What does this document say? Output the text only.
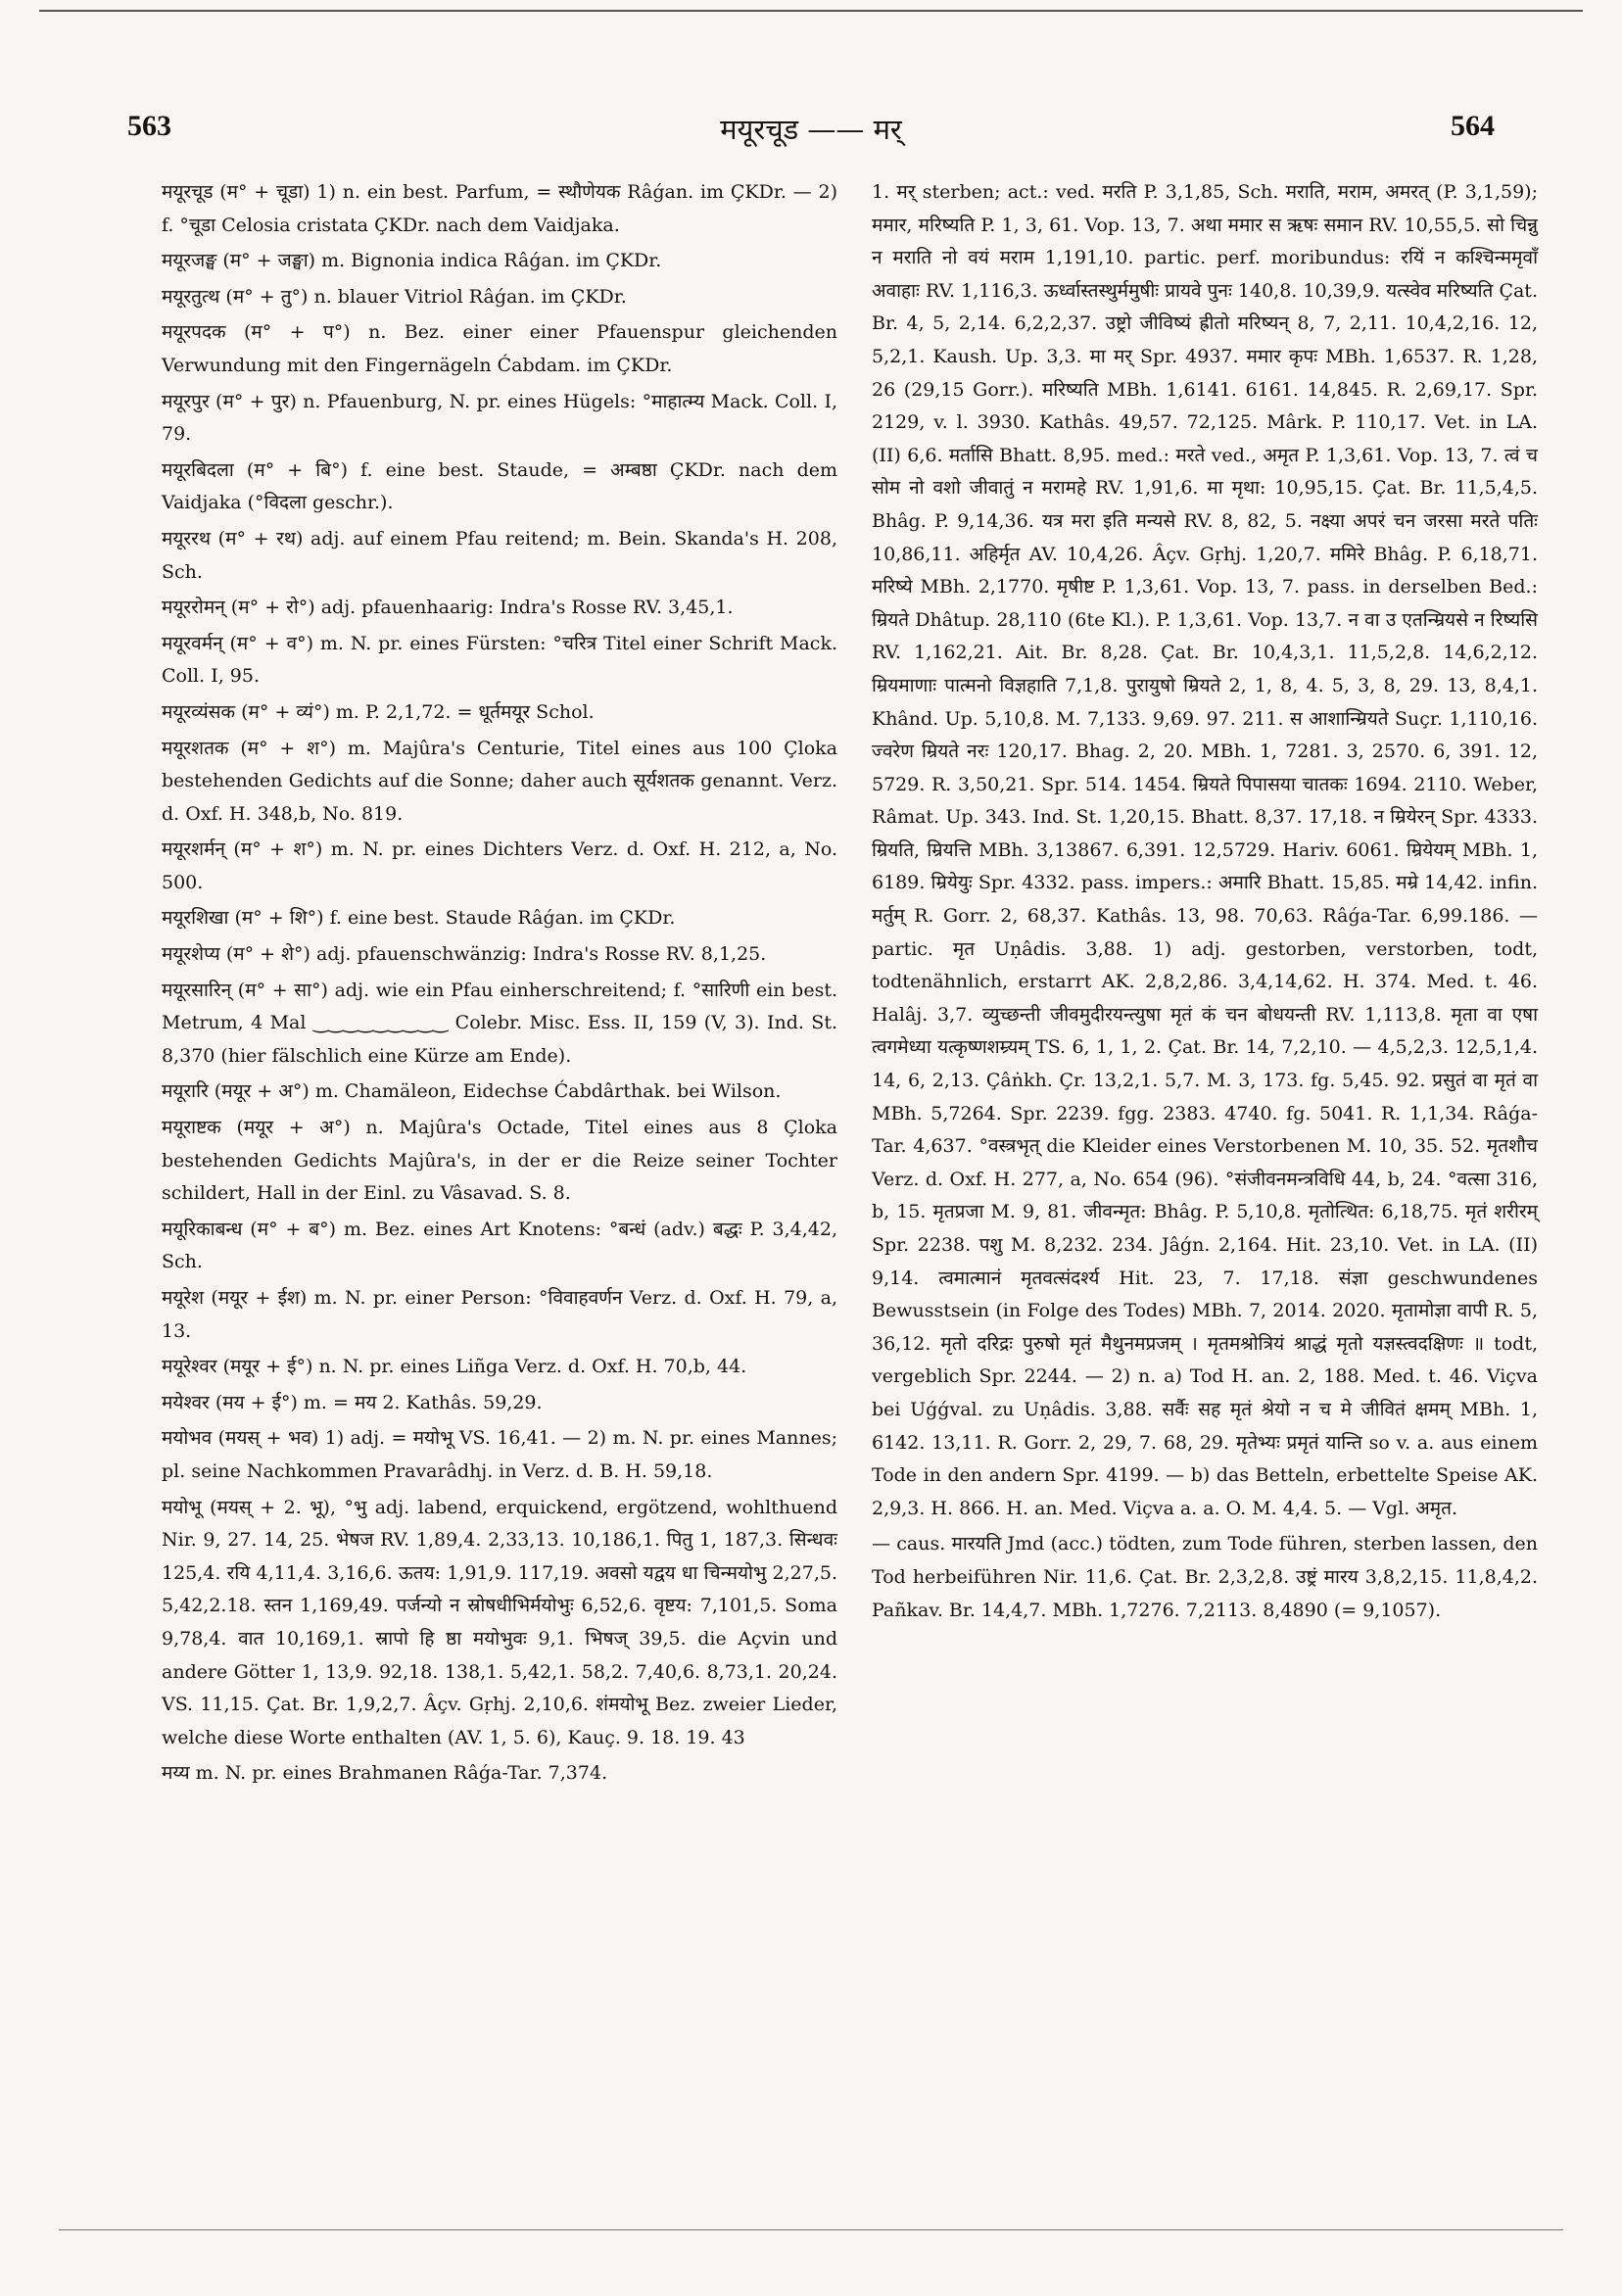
563	मयूरचूड —— मर्	564

मयूरचूड (म° + चूडा) 1) n. ein best. Parfum, = स्थौणेयक Râǵan. im ÇKDr. — 2) f. °चूडा Celosia cristata ÇKDr. nach dem Vaidjaka.

मयूरजङ्घ (म° + जङ्घा) m. Bignonia indica Râǵan. im ÇKDr.

मयूरतुत्थ (म° + तु°) n. blauer Vitriol Râǵan. im ÇKDr.

मयूरपदक (म° + प°) n. Bez. einer einer Pfauenspur gleichenden Verwundung mit den Fingernägeln Ćabdam. im ÇKDr.

मयूरपुर (म° + पुर) n. Pfauenburg, N. pr. eines Hügels: °माहात्म्य Mack. Coll. I, 79.

मयूरबिदला (म° + बि°) f. eine best. Staude, = अम्बष्ठा ÇKDr. nach dem Vaidjaka (°विदला geschr.).

मयूररथ (म° + रथ) adj. auf einem Pfau reitend; m. Bein. Skanda's H. 208, Sch.

मयूररोमन् (म° + रो°) adj. pfauenhaarig: Indra's Rosse RV. 3,45,1.

मयूरवर्मन् (म° + व°) m. N. pr. eines Fürsten: °चरित्र Titel einer Schrift Mack. Coll. I, 95.

मयूरव्यंसक (म° + व्यं°) m. P. 2,1,72. = धूर्तमयूर Schol.

मयूरशतक (म° + श°) m. Majûra's Centurie, Titel eines aus 100 Çloka bestehenden Gedichts auf die Sonne; daher auch सूर्यशतक genannt. Verz. d. Oxf. H. 348,b, No. 819.

मयूरशर्मन् (म° + श°) m. N. pr. eines Dichters Verz. d. Oxf. H. 212, a, No. 500.

मयूरशिखा (म° + शि°) f. eine best. Staude Râǵan. im ÇKDr.

मयूरशेप्य (म° + शे°) adj. pfauenschwänzig: Indra's Rosse RV. 8,1,25.

मयूरसारिन् (म° + सा°) adj. wie ein Pfau einherschreitend; f. °सारिणी ein best. Metrum, 4 Mal ‿‿‿‿‿‿‿‿‿ Colebr. Misc. Ess. II, 159 (V, 3). Ind. St. 8,370 (hier fälschlich eine Kürze am Ende).

मयूरारि (मयूर + अ°) m. Chamäleon, Eidechse Ćabdârthak. bei Wilson.

मयूराष्टक (मयूर + अ°) n. Majûra's Octade, Titel eines aus 8 Çloka bestehenden Gedichts Majûra's, in der er die Reize seiner Tochter schildert, Hall in der Einl. zu Vâsavad. S. 8.

मयूरिकाबन्ध (म° + ब°) m. Bez. eines Art Knotens: °बन्धं (adv.) बद्धः P. 3,4,42, Sch.

मयूरेश (मयूर + ईश) m. N. pr. einer Person: °विवाहवर्णन Verz. d. Oxf. H. 79, a, 13.

मयूरेश्वर (मयूर + ई°) n. N. pr. eines Liñga Verz. d. Oxf. H. 70,b, 44.

मयेश्वर (मय + ई°) m. = मय 2. Kathâs. 59,29.

मयोभव (मयस् + भव) 1) adj. = मयोभू VS. 16,41. — 2) m. N. pr. eines Mannes; pl. seine Nachkommen Pravarâdhj. in Verz. d. B. H. 59,18.

मयोभू (मयस् + 2. भू), °भु adj. labend, erquickend, ergötzend, wohlthuend Nir. 9, 27. 14, 25. भेषज RV. 1,89,4. 2,33,13. 10,186,1. पितु 1, 187,3. सिन्धवः 125,4. रयि 4,11,4. 3,16,6. ऊतय: 1,91,9. 117,19. अवसो यद्वय धा चिन्मयोभु 2,27,5. 5,42,2.18. स्तन 1,169,49. पर्जन्यो न स्रोषधीभिर्मयोभुः 6,52,6. वृष्टय: 7,101,5. Soma 9,78,4. वात 10,169,1. स्रापो हि ष्ठा मयोभुवः 9,1. भिषज् 39,5. die Açvin und andere Götter 1, 13,9. 92,18. 138,1. 5,42,1. 58,2. 7,40,6. 8,73,1. 20,24. VS. 11,15. Çat. Br. 1,9,2,7. Âçv. Gṛhj. 2,10,6. शंमयोभू Bez. zweier Lieder, welche diese Worte enthalten (AV. 1, 5. 6), Kauç. 9. 18. 19. 43

मय्य m. N. pr. eines Brahmanen Râǵa-Tar. 7,374.

1. मर् sterben; act.: ved. मरति P. 3,1,85, Sch. मराति, मराम, अमरत् (P. 3,1,59); ममार, मरिष्यति P. 1, 3, 61. Vop. 13, 7. अथा ममार स ऋषः समान RV. 10,55,5. सो चिन्नु न मराति नो वयं मराम 1,191,10. partic. perf. moribundus: रयिं न कश्चिन्ममृवाँ अवाहाः RV. 1,116,3. ऊर्ध्वास्तस्थुर्ममुषीः प्रायवे पुनः 140,8. 10,39,9. यत्स्वेव मरिष्यति Çat. Br. 4, 5, 2,14. 6,2,2,37. उष्ट्रो जीविष्यं ह्रीतो मरिष्यन् 8, 7, 2,11. 10,4,2,16. 12, 5,2,1. Kaush. Up. 3,3. मा मर् Spr. 4937. ममार कृपः MBh. 1,6537. R. 1,28, 26 (29,15 Gorr.). मरिष्यति MBh. 1,6141. 6161. 14,845. R. 2,69,17. Spr. 2129, v. l. 3930. Kathâs. 49,57. 72,125. Mârk. P. 110,17. Vet. in LA. (II) 6,6. मर्तासि Bhatt. 8,95. med.: मरते ved., अमृत P. 1,3,61. Vop. 13, 7. त्वं च सोम नो वशो जीवातुं न मरामहे RV. 1,91,6. मा मृथा: 10,95,15. Çat. Br. 11,5,4,5. Bhâg. P. 9,14,36. यत्र मरा इति मन्यसे RV. 8, 82, 5. नक्ष्या अपरं चन जरसा मरते पतिः 10,86,11. अहिर्मृत AV. 10,4,26. Âçv. Gṛhj. 1,20,7. ममिरे Bhâg. P. 6,18,71. मरिष्ये MBh. 2,1770. मृषीष्ट P. 1,3,61. Vop. 13, 7. pass. in derselben Bed.: म्रियते Dhâtup. 28,110 (6te Kl.). P. 1,3,61. Vop. 13,7. न वा उ एतन्म्रियसे न रिष्यसि RV. 1,162,21. Ait. Br. 8,28. Çat. Br. 10,4,3,1. 11,5,2,8. 14,6,2,12. म्रियमाणाः पात्मनो विज्ञहाति 7,1,8. पुरायुषो म्रियते 2, 1, 8, 4. 5, 3, 8, 29. 13, 8,4,1. Khând. Up. 5,10,8. M. 7,133. 9,69. 97. 211. स आशान्म्रियते Suçr. 1,110,16. ज्वरेण म्रियते नरः 120,17. Bhag. 2, 20. MBh. 1, 7281. 3, 2570. 6, 391. 12, 5729. R. 3,50,21. Spr. 514. 1454. म्रियते पिपासया चातकः 1694. 2110. Weber, Râmat. Up. 343. Ind. St. 1,20,15. Bhatt. 8,37. 17,18. न म्रियेरन् Spr. 4333. म्रियति, म्रियत्ति MBh. 3,13867. 6,391. 12,5729. Hariv. 6061. म्रियेयम् MBh. 1, 6189. म्रियेयुः Spr. 4332. pass. impers.: अमारि Bhatt. 15,85. मम्रे 14,42. infin. मर्तुम् R. Gorr. 2, 68,37. Kathâs. 13, 98. 70,63. Râǵa-Tar. 6,99.186. — partic. मृत Uṇâdis. 3,88. 1) adj. gestorben, verstorben, todt, todtenähnlich, erstarrt AK. 2,8,2,86. 3,4,14,62. H. 374. Med. t. 46. Halâj. 3,7. व्युच्छन्ती जीवमुदीरयन्त्युषा मृतं कं चन बोधयन्ती RV. 1,113,8. मृता वा एषा त्वगमेध्या यत्कृष्णशम्र्यम् TS. 6, 1, 1, 2. Çat. Br. 14, 7,2,10. — 4,5,2,3. 12,5,1,4. 14, 6, 2,13. Çâṅkh. Çr. 13,2,1. 5,7. M. 3, 173. fg. 5,45. 92. प्रसुतं वा मृतं वा MBh. 5,7264. Spr. 2239. fgg. 2383. 4740. fg. 5041. R. 1,1,34. Râǵa-Tar. 4,637. °वस्त्रभृत् die Kleider eines Verstorbenen M. 10, 35. 52. मृतशौच Verz. d. Oxf. H. 277, a, No. 654 (96). °संजीवनमन्त्रविधि 44, b, 24. °वत्सा 316, b, 15. मृतप्रजा M. 9, 81. जीवन्मृत: Bhâg. P. 5,10,8. मृतोत्थित: 6,18,75. मृतं शरीरम् Spr. 2238. पशु M. 8,232. 234. Jâǵn. 2,164. Hit. 23,10. Vet. in LA. (II) 9,14. त्वमात्मानं मृतवत्संदर्श्य Hit. 23, 7. 17,18. संज्ञा geschwundenes Bewusstsein (in Folge des Todes) MBh. 7, 2014. 2020. मृतामोज्ञा वापी R. 5, 36,12. मृतो दरिद्रः पुरुषो मृतं मैथुनमप्रजम् । मृतमश्रोत्रियं श्राद्धं मृतो यज्ञस्त्वदक्षिणः ॥ todt, vergeblich Spr. 2244. — 2) n. a) Tod H. an. 2, 188. Med. t. 46. Viçva bei Uǵǵval. zu Uṇâdis. 3,88. सर्वैः सह मृतं श्रेयो न च मे जीवितं क्षमम् MBh. 1, 6142. 13,11. R. Gorr. 2, 29, 7. 68, 29. मृतेभ्यः प्रमृतं यान्ति so v. a. aus einem Tode in den andern Spr. 4199. — b) das Betteln, erbettelte Speise AK. 2,9,3. H. 866. H. an. Med. Viçva a. a. O. M. 4,4. 5. — Vgl. अमृत.

— caus. मारयति Jmd (acc.) tödten, zum Tode führen, sterben lassen, den Tod herbeiführen Nir. 11,6. Çat. Br. 2,3,2,8. उष्ट्रं मारय 3,8,2,15. 11,8,4,2. Pañkav. Br. 14,4,7. MBh. 1,7276. 7,2113. 8,4890 (= 9,1057).
